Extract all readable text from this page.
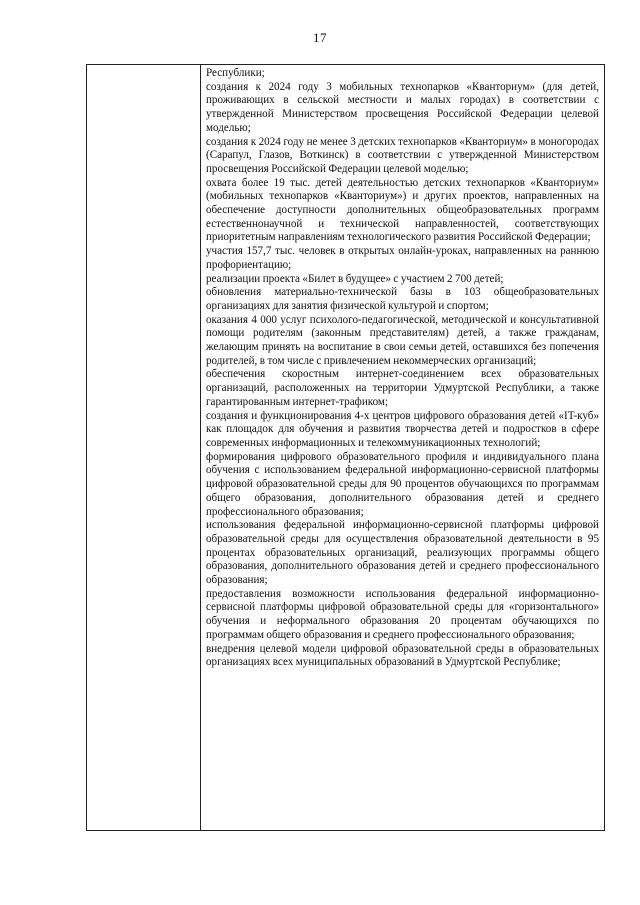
17

Республики;

создания к 2024 году 3 мобильных технопарков «Кванториум» (для детей, проживающих в сельской местности и малых городах) в соответствии с утвержденной Министерством просвещения Российской Федерации целевой моделью;

создания к 2024 году не менее 3 детских технопарков «Кванториум» в моногородах (Сарапул, Глазов, Воткинск) в соответствии с утвержденной Министерством просвещения Российской Федерации целевой моделью;

охвата более 19 тыс. детей деятельностью детских технопарков «Кванториум» (мобильных технопарков «Кванториум») и других проектов, направленных на обеспечение доступности дополнительных общеобразовательных программ естественнонаучной и технической направленностей, соответствующих приоритетным направлениям технологического развития Российской Федерации;

участия 157,7 тыс. человек в открытых онлайн-уроках, направленных на раннюю профориентацию;

реализации проекта «Билет в будущее» с участием 2 700 детей;

обновления материально-технической базы в 103 общеобразовательных организациях для занятия физической культурой и спортом;

оказания 4 000 услуг психолого-педагогической, методической и консультативной помощи родителям (законным представителям) детей, а также гражданам, желающим принять на воспитание в свои семьи детей, оставшихся без попечения родителей, в том числе с привлечением некоммерческих организаций;

обеспечения скоростным интернет-соединением всех образовательных организаций, расположенных на территории Удмуртской Республики, а также гарантированным интернет-трафиком;

создания и функционирования 4-х центров цифрового образования детей «IT-куб» как площадок для обучения и развития творчества детей и подростков в сфере современных информационных и телекоммуникационных технологий;

формирования цифрового образовательного профиля и индивидуального плана обучения с использованием федеральной информационно-сервисной платформы цифровой образовательной среды для 90 процентов обучающихся по программам общего образования, дополнительного образования детей и среднего профессионального образования;

использования федеральной информационно-сервисной платформы цифровой образовательной среды для осуществления образовательной деятельности в 95 процентах образовательных организаций, реализующих программы общего образования, дополнительного образования детей и среднего профессионального образования;

предоставления возможности использования федеральной информационно-сервисной платформы цифровой образовательной среды для «горизонтального» обучения и неформального образования 20 процентам обучающихся по программам общего образования и среднего профессионального образования;

внедрения целевой модели цифровой образовательной среды в образовательных организациях всех муниципальных образований в Удмуртской Республике;
